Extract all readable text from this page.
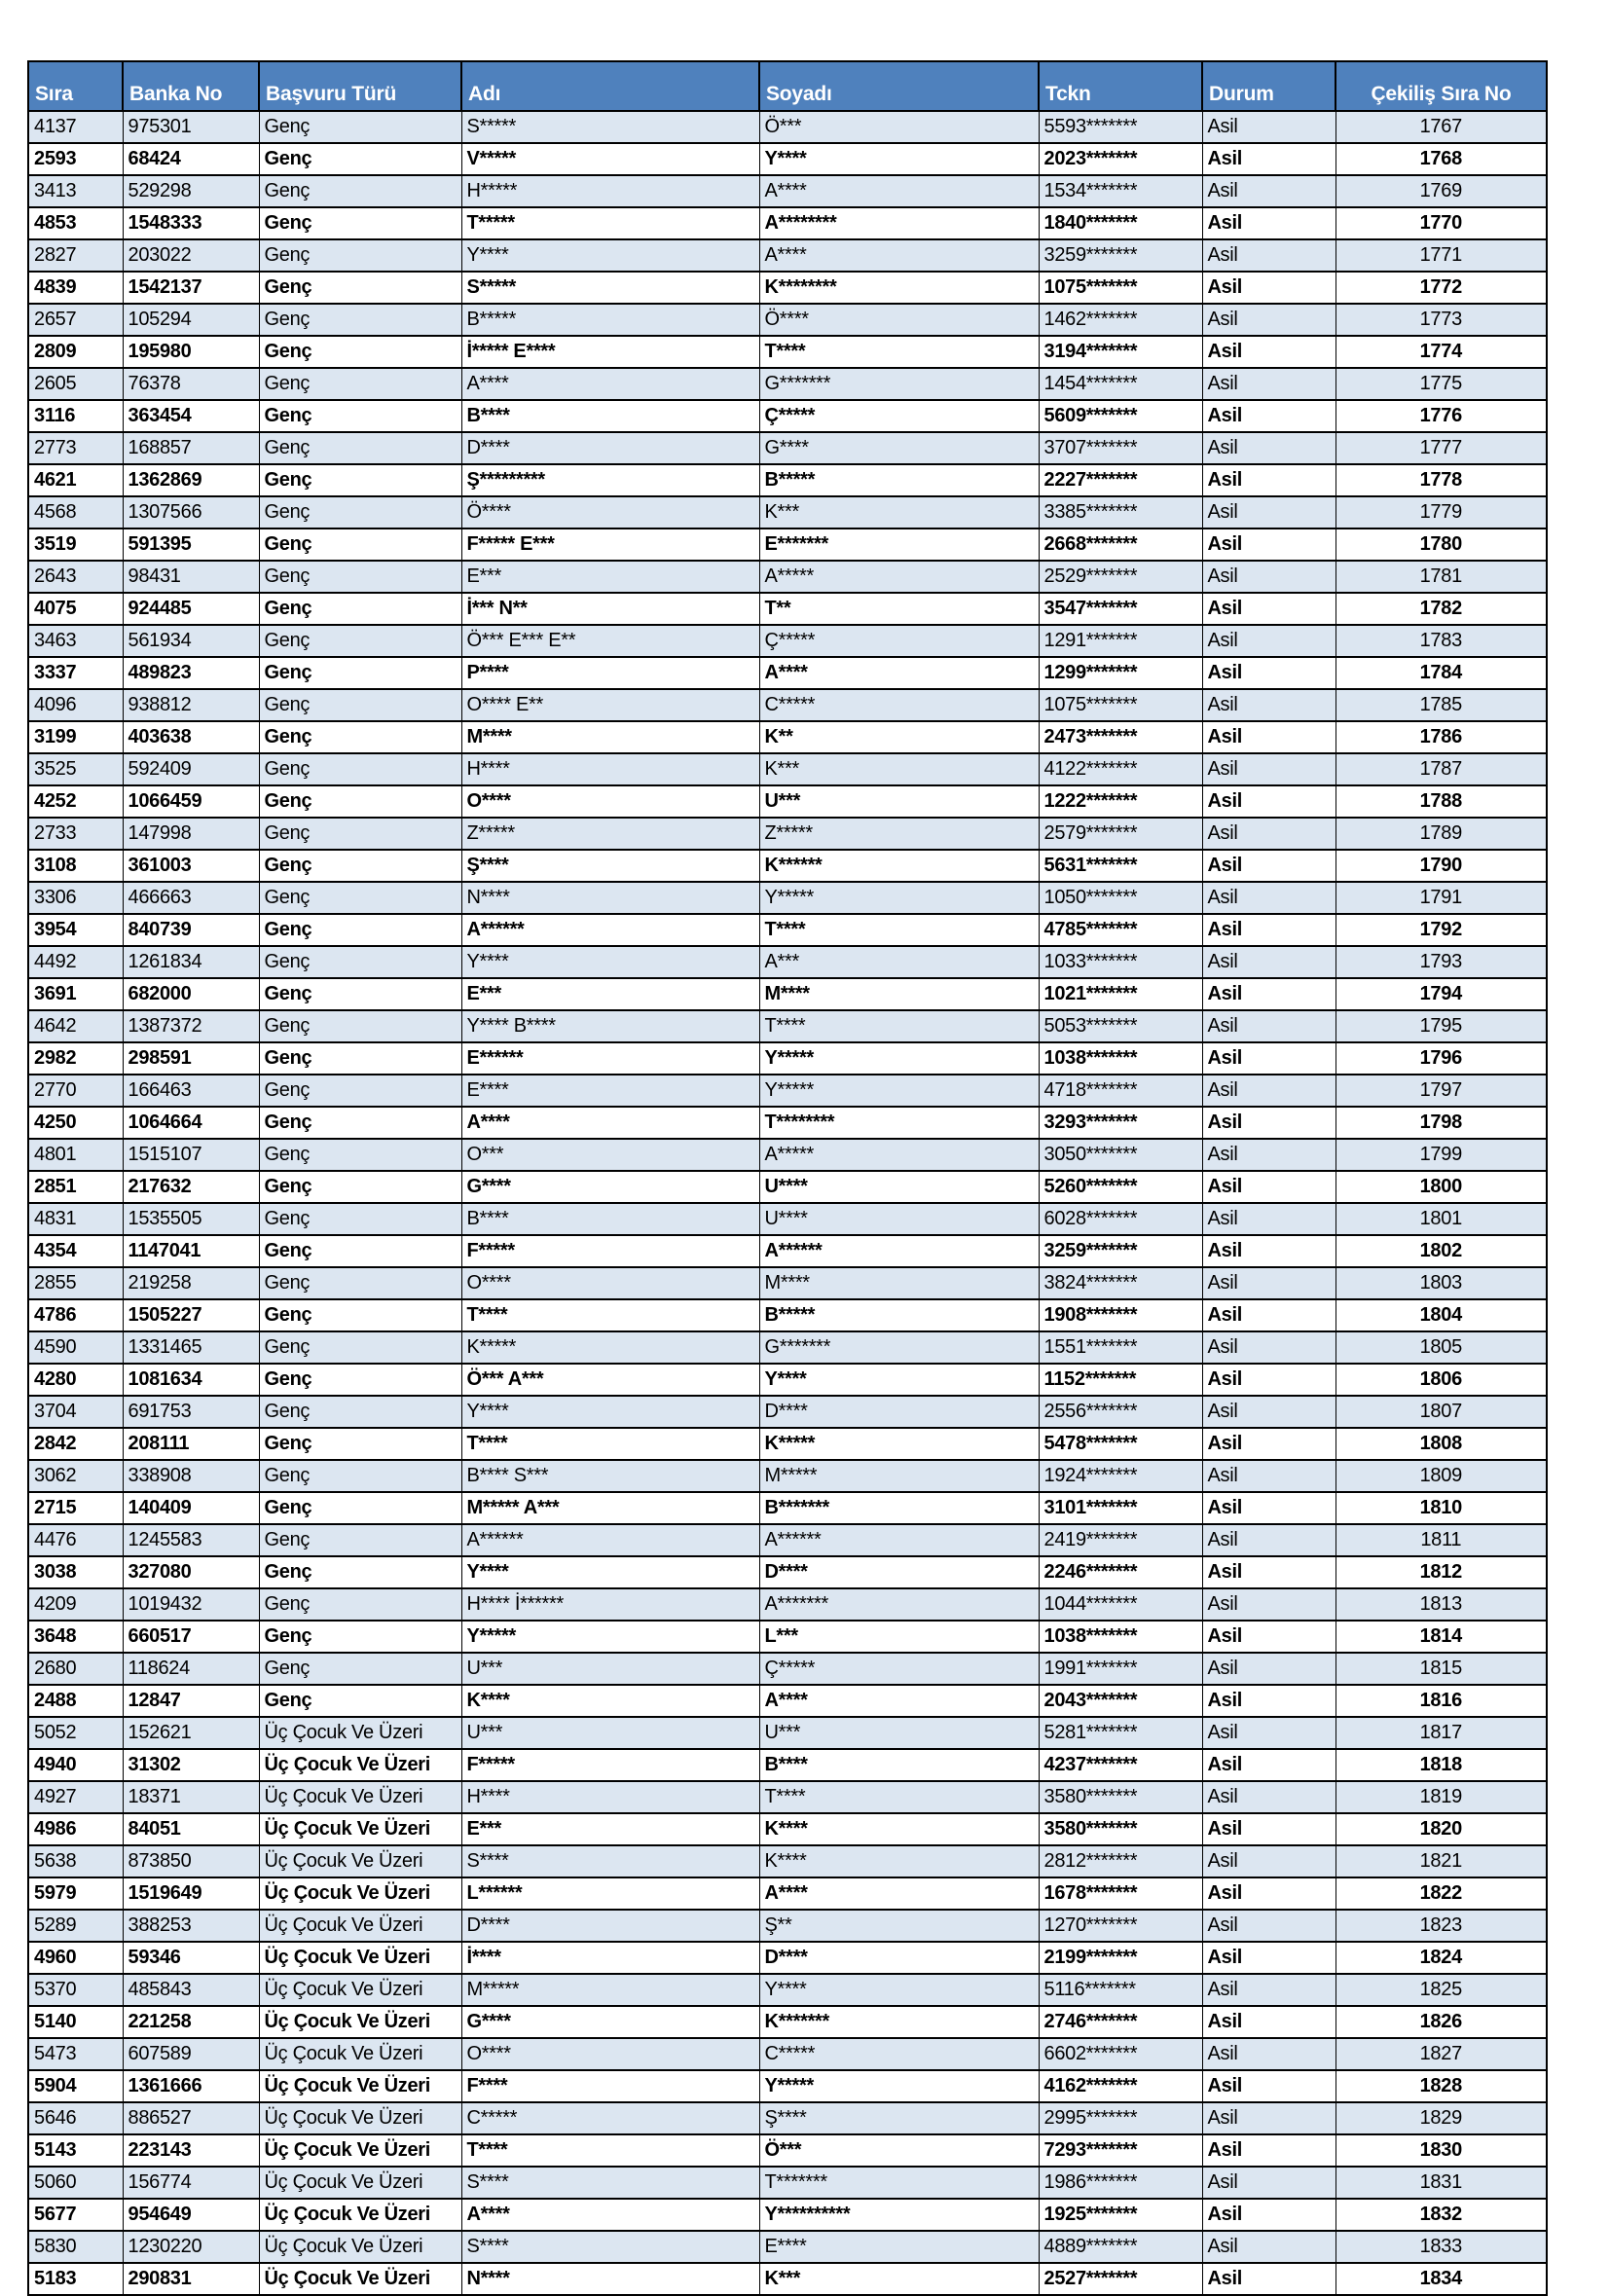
Sıra	Banka No	Başvuru Türü	Adı	Soyadı	Tckn	Durum	Çekiliş Sıra No
4137	975301	Genç	S*****	Ö***	5593*******	Asil	1767
2593	68424	Genç	V*****	Y****	2023*******	Asil	1768
3413	529298	Genç	H*****	A****	1534*******	Asil	1769
4853	1548333	Genç	T*****	A********	1840*******	Asil	1770
2827	203022	Genç	Y****	A****	3259*******	Asil	1771
4839	1542137	Genç	S*****	K********	1075*******	Asil	1772
2657	105294	Genç	B*****	Ö****	1462*******	Asil	1773
2809	195980	Genç	İ***** E****	T****	3194*******	Asil	1774
2605	76378	Genç	A****	G*******	1454*******	Asil	1775
3116	363454	Genç	B****	Ç*****	5609*******	Asil	1776
2773	168857	Genç	D****	G****	3707*******	Asil	1777
4621	1362869	Genç	Ş*********	B*****	2227*******	Asil	1778
4568	1307566	Genç	Ö****	K***	3385*******	Asil	1779
3519	591395	Genç	F***** E***	E*******	2668*******	Asil	1780
2643	98431	Genç	E***	A*****	2529*******	Asil	1781
4075	924485	Genç	İ*** N**	T**	3547*******	Asil	1782
3463	561934	Genç	Ö*** E*** E**	Ç*****	1291*******	Asil	1783
3337	489823	Genç	P****	A****	1299*******	Asil	1784
4096	938812	Genç	O**** E**	C*****	1075*******	Asil	1785
3199	403638	Genç	M****	K**	2473*******	Asil	1786
3525	592409	Genç	H****	K***	4122*******	Asil	1787
4252	1066459	Genç	O****	U***	1222*******	Asil	1788
2733	147998	Genç	Z*****	Z*****	2579*******	Asil	1789
3108	361003	Genç	Ş****	K******	5631*******	Asil	1790
3306	466663	Genç	N****	Y*****	1050*******	Asil	1791
3954	840739	Genç	A******	T****	4785*******	Asil	1792
4492	1261834	Genç	Y****	A***	1033*******	Asil	1793
3691	682000	Genç	E***	M****	1021*******	Asil	1794
4642	1387372	Genç	Y**** B****	T****	5053*******	Asil	1795
2982	298591	Genç	E******	Y*****	1038*******	Asil	1796
2770	166463	Genç	E****	Y*****	4718*******	Asil	1797
4250	1064664	Genç	A****	T********	3293*******	Asil	1798
4801	1515107	Genç	O***	A*****	3050*******	Asil	1799
2851	217632	Genç	G****	U****	5260*******	Asil	1800
4831	1535505	Genç	B****	U****	6028*******	Asil	1801
4354	1147041	Genç	F*****	A******	3259*******	Asil	1802
2855	219258	Genç	O****	M****	3824*******	Asil	1803
4786	1505227	Genç	T****	B*****	1908*******	Asil	1804
4590	1331465	Genç	K*****	G*******	1551*******	Asil	1805
4280	1081634	Genç	Ö*** A***	Y****	1152*******	Asil	1806
3704	691753	Genç	Y****	D****	2556*******	Asil	1807
2842	208111	Genç	T****	K*****	5478*******	Asil	1808
3062	338908	Genç	B**** S***	M*****	1924*******	Asil	1809
2715	140409	Genç	M***** A***	B*******	3101*******	Asil	1810
4476	1245583	Genç	A******	A******	2419*******	Asil	1811
3038	327080	Genç	Y****	D****	2246*******	Asil	1812
4209	1019432	Genç	H**** İ******	A*******	1044*******	Asil	1813
3648	660517	Genç	Y*****	L***	1038*******	Asil	1814
2680	118624	Genç	U***	Ç*****	1991*******	Asil	1815
2488	12847	Genç	K****	A****	2043*******	Asil	1816
5052	152621	Üç Çocuk Ve Üzeri	U***	U***	5281*******	Asil	1817
4940	31302	Üç Çocuk Ve Üzeri	F*****	B****	4237*******	Asil	1818
4927	18371	Üç Çocuk Ve Üzeri	H****	T****	3580*******	Asil	1819
4986	84051	Üç Çocuk Ve Üzeri	E***	K****	3580*******	Asil	1820
5638	873850	Üç Çocuk Ve Üzeri	S****	K****	2812*******	Asil	1821
5979	1519649	Üç Çocuk Ve Üzeri	L******	A****	1678*******	Asil	1822
5289	388253	Üç Çocuk Ve Üzeri	D****	Ş**	1270*******	Asil	1823
4960	59346	Üç Çocuk Ve Üzeri	İ****	D****	2199*******	Asil	1824
5370	485843	Üç Çocuk Ve Üzeri	M*****	Y****	5116*******	Asil	1825
5140	221258	Üç Çocuk Ve Üzeri	G****	K*******	2746*******	Asil	1826
5473	607589	Üç Çocuk Ve Üzeri	O****	C*****	6602*******	Asil	1827
5904	1361666	Üç Çocuk Ve Üzeri	F****	Y*****	4162*******	Asil	1828
5646	886527	Üç Çocuk Ve Üzeri	C*****	Ş****	2995*******	Asil	1829
5143	223143	Üç Çocuk Ve Üzeri	T****	Ö***	7293*******	Asil	1830
5060	156774	Üç Çocuk Ve Üzeri	S****	T*******	1986*******	Asil	1831
5677	954649	Üç Çocuk Ve Üzeri	A****	Y**********	1925*******	Asil	1832
5830	1230220	Üç Çocuk Ve Üzeri	S****	E****	4889*******	Asil	1833
5183	290831	Üç Çocuk Ve Üzeri	N****	K***	2527*******	Asil	1834
